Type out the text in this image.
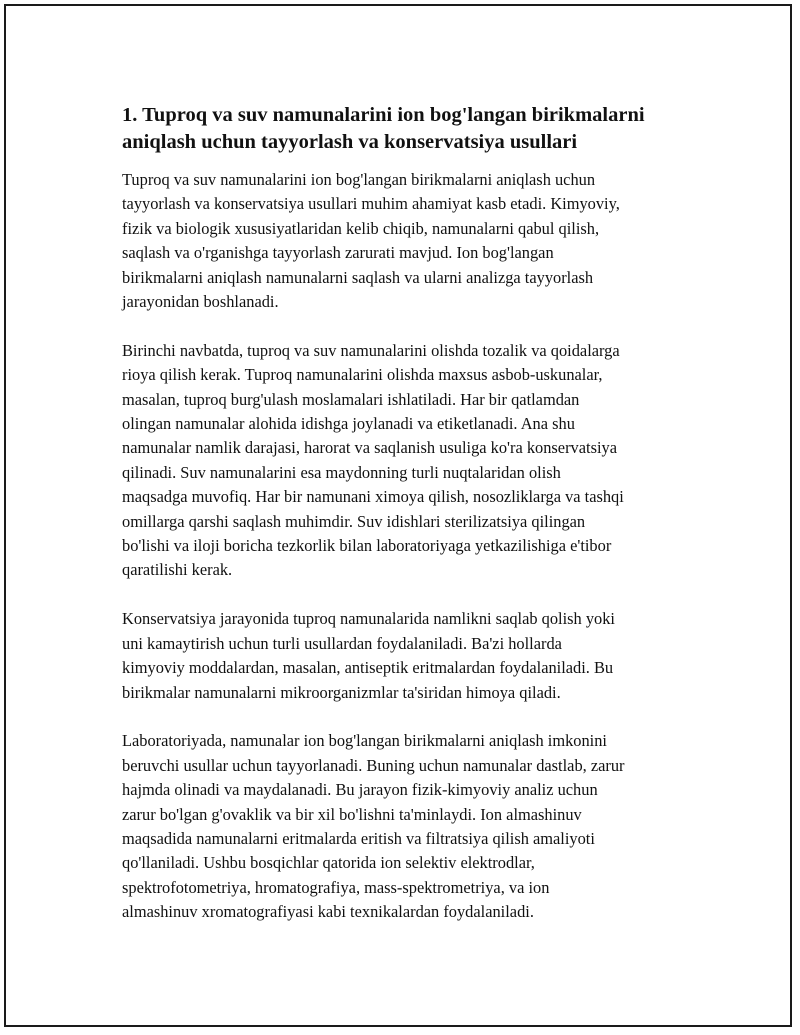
1. Tuproq va suv namunalarini ion bog'langan birikmalarni
aniqlash uchun tayyorlash va konservatsiya usullari

Tuproq va suv namunalarini ion bog'langan birikmalarni aniqlash uchun
tayyorlash va konservatsiya usullari muhim ahamiyat kasb etadi. Kimyoviy,
fizik va biologik xususiyatlaridan kelib chiqib, namunalarni qabul qilish,
saqlash va o'rganishga tayyorlash zarurati mavjud. Ion bog'langan
birikmalarni aniqlash namunalarni saqlash va ularni analizga tayyorlash
jarayonidan boshlanadi.

Birinchi navbatda, tuproq va suv namunalarini olishda tozalik va qoidalarga
rioya qilish kerak. Tuproq namunalarini olishda maxsus asbob-uskunalar,
masalan, tuproq burg'ulash moslamalari ishlatiladi. Har bir qatlamdan
olingan namunalar alohida idishga joylanadi va etiketlanadi. Ana shu
namunalar namlik darajasi, harorat va saqlanish usuliga ko'ra konservatsiya
qilinadi. Suv namunalarini esa maydonning turli nuqtalaridan olish
maqsadga muvofiq. Har bir namunani ximoya qilish, nosozliklarga va tashqi
omillarga qarshi saqlash muhimdir. Suv idishlari sterilizatsiya qilingan
bo'lishi va iloji boricha tezkorlik bilan laboratoriyaga yetkazilishiga e'tibor
qaratilishi kerak.

Konservatsiya jarayonida tuproq namunalarida namlikni saqlab qolish yoki
uni kamaytirish uchun turli usullardan foydalaniladi. Ba'zi hollarda
kimyoviy moddalardan, masalan, antiseptik eritmalardan foydalaniladi. Bu
birikmalar namunalarni mikroorganizmlar ta'siridan himoya qiladi.

Laboratoriyada, namunalar ion bog'langan birikmalarni aniqlash imkonini
beruvchi usullar uchun tayyorlanadi. Buning uchun namunalar dastlab, zarur
hajmda olinadi va maydalanadi. Bu jarayon fizik-kimyoviy analiz uchun
zarur bo'lgan g'ovaklik va bir xil bo'lishni ta'minlaydi. Ion almashinuv
maqsadida namunalarni eritmalarda eritish va filtratsiya qilish amaliyoti
qo'llaniladi. Ushbu bosqichlar qatorida ion selektiv elektrodlar,
spektrofotometriya, hromatografiya, mass-spektrometriya, va ion
almashinuv xromatografiyasi kabi texnikalardan foydalaniladi.
